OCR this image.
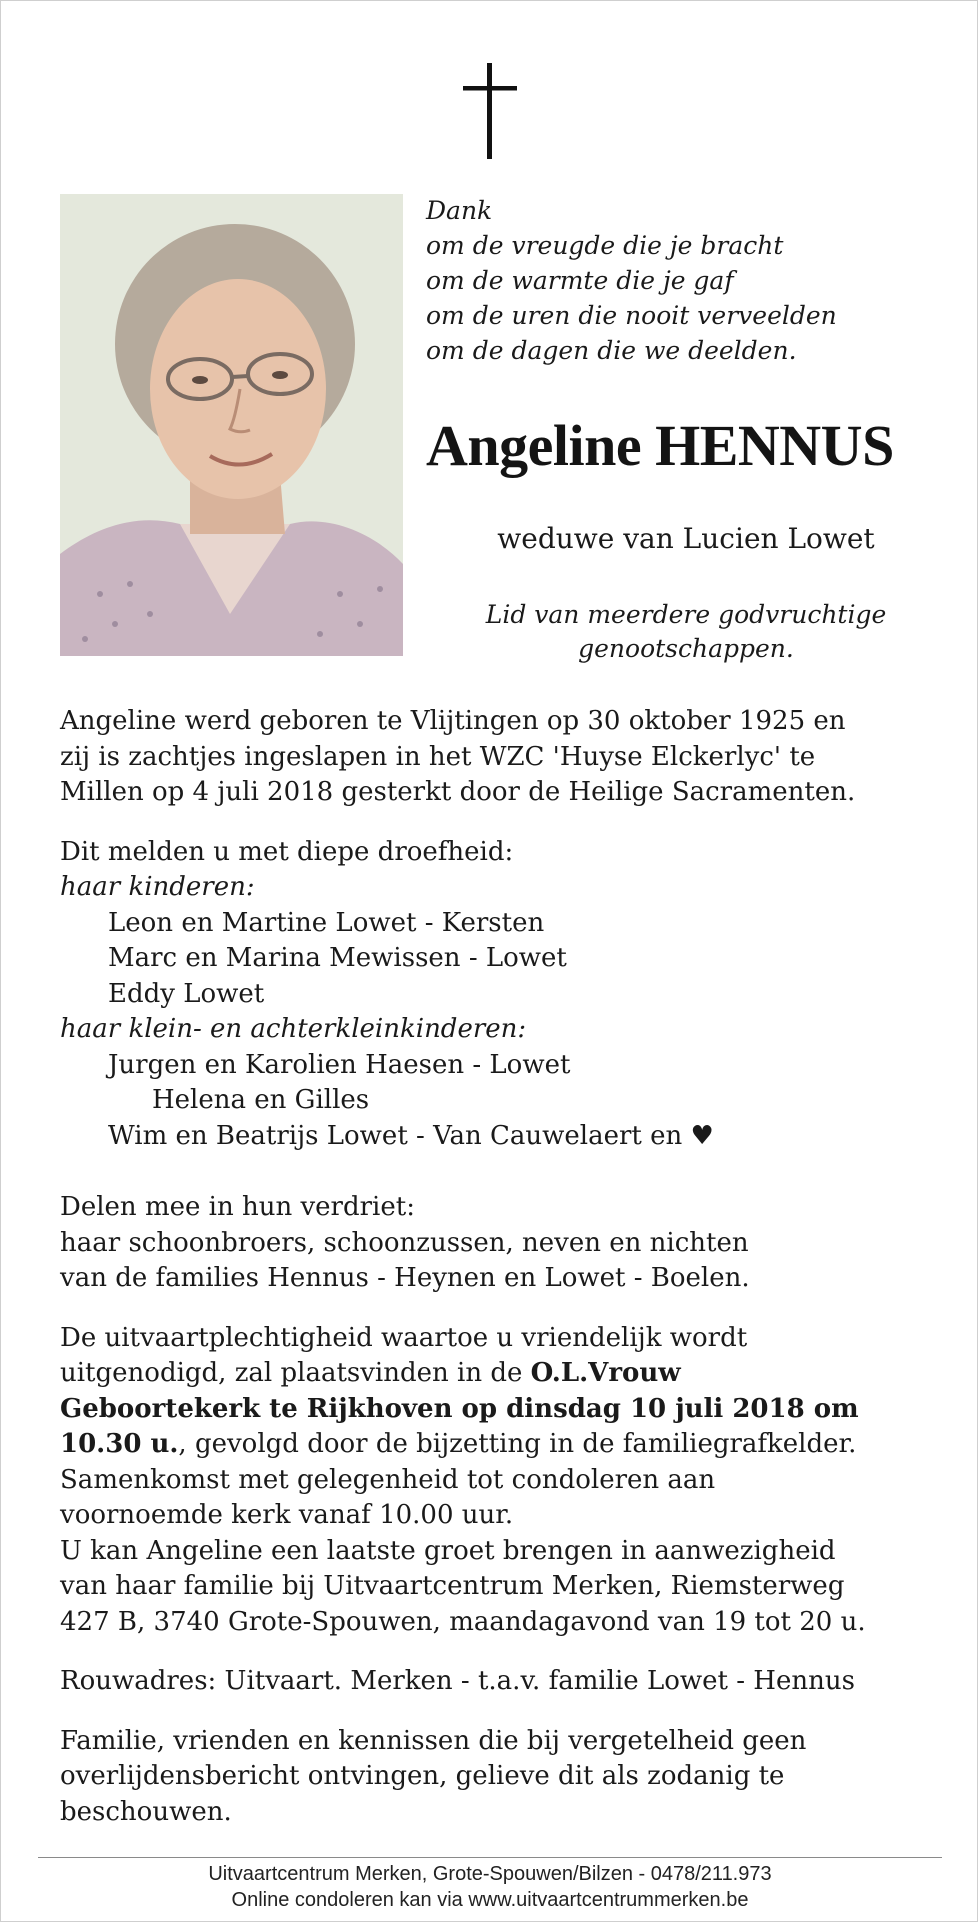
Dank
om de vreugde die je bracht
om de warmte die je gaf
om de uren die nooit verveelden
om de dagen die we deelden.
Angeline HENNUS

weduwe van Lucien Lowet

Lid van meerdere godvruchtige
genootschappen.

Angeline werd geboren te Vlijtingen op 30 oktober 1925 en
zij is zachtjes ingeslapen in het WZC 'Huyse Elckerlyc' te
Millen op 4 juli 2018 gesterkt door de Heilige Sacramenten.

Dit melden u met diepe droefheid:
haar kinderen:
Leon en Martine Lowet - Kersten
Marc en Marina Mewissen - Lowet
Eddy Lowet
haar klein- en achterkleinkinderen:
Jurgen en Karolien Haesen - Lowet
Helena en Gilles
Wim en Beatrijs Lowet - Van Cauwelaert en ♥

Delen mee in hun verdriet:
haar schoonbroers, schoonzussen, neven en nichten
van de families Hennus - Heynen en Lowet - Boelen.

De uitvaartplechtigheid waartoe u vriendelijk wordt
uitgenodigd, zal plaatsvinden in de O.L.Vrouw
Geboortekerk te Rijkhoven op dinsdag 10 juli 2018 om
10.30 u., gevolgd door de bijzetting in de familiegrafkelder.
Samenkomst met gelegenheid tot condoleren aan
voornoemde kerk vanaf 10.00 uur.
U kan Angeline een laatste groet brengen in aanwezigheid
van haar familie bij Uitvaartcentrum Merken, Riemsterweg
427 B, 3740 Grote-Spouwen, maandagavond van 19 tot 20 u.

Rouwadres: Uitvaart. Merken - t.a.v. familie Lowet - Hennus

Familie, vrienden en kennissen die bij vergetelheid geen
overlijdensbericht ontvingen, gelieve dit als zodanig te
beschouwen.

Uitvaartcentrum Merken, Grote-Spouwen/Bilzen - 0478/211.973
Online condoleren kan via www.uitvaartcentrummerken.be
